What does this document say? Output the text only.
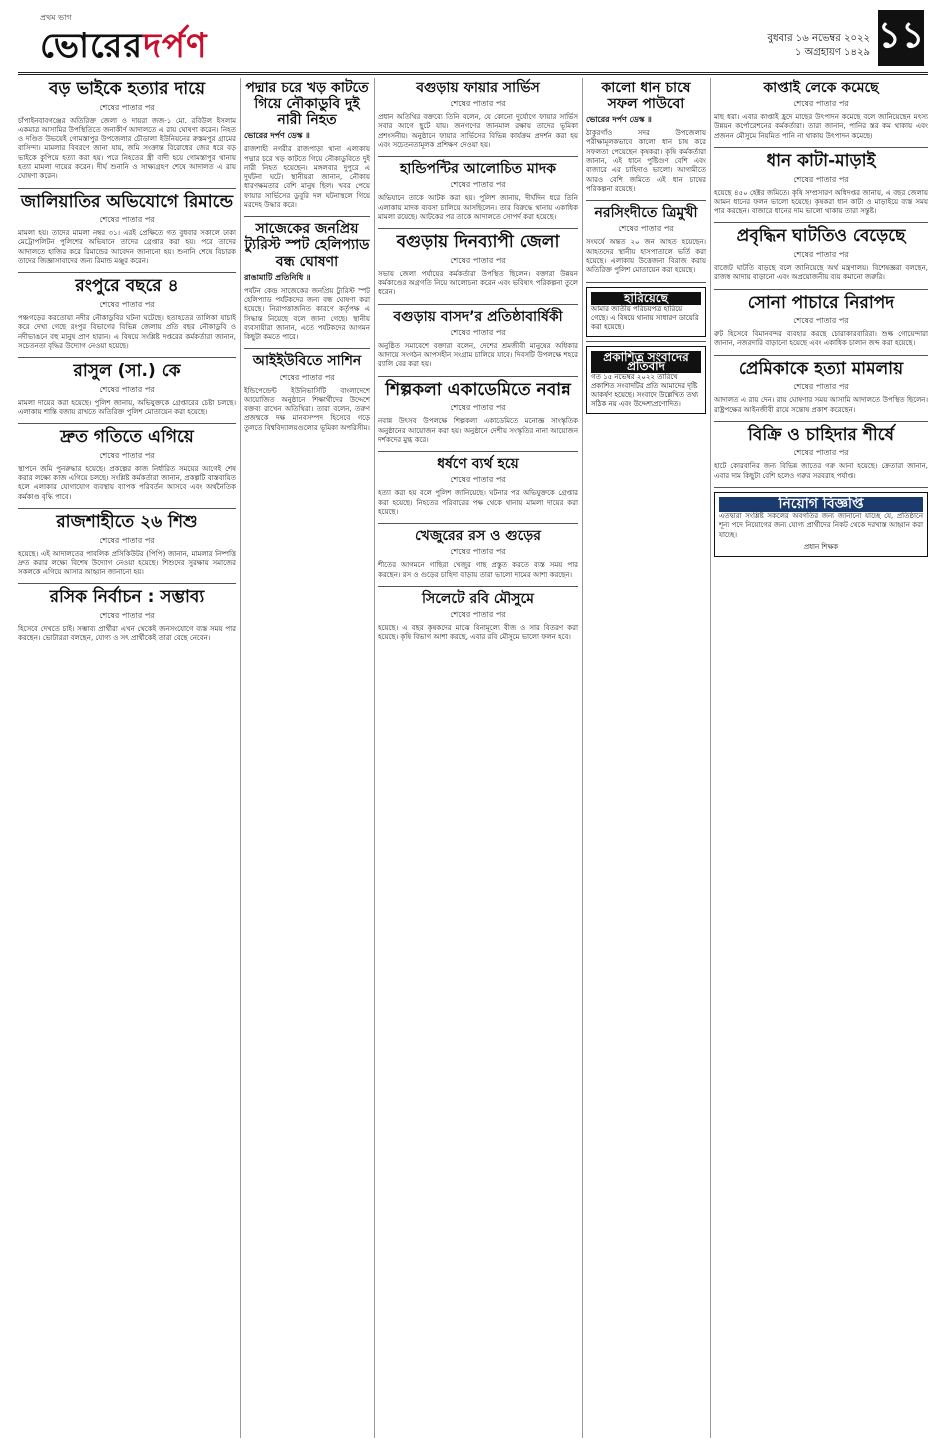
প্রথম ভাগ
ভোরেরদর্পণ	বুধবার ১৬ নভেম্বর ২০২২
১ অগ্রহায়ণ ১৪২৯ ১১
বড় ভাইকে হত্যার দায়ে
শেষের পাতার পর
চাঁপাইনবাবগঞ্জের অতিরিক্ত জেলা ও দায়রা জজ-১ মো. রবিউল ইসলাম একমাত্র আসামির উপস্থিতিতে জনাকীর্ণ আদালতে এ রায় ঘোষণা করেন। নিহত ও দণ্ডিত উভয়েই গোমস্তাপুর উপজেলার চৌডালা ইউনিয়নের রুস্তমপুর গ্রামের বাসিন্দা। মামলার বিবরণে জানা যায়, জমি সংক্রান্ত বিরোধের জের ধরে বড় ভাইকে কুপিয়ে হত্যা করা হয়। পরে নিহতের স্ত্রী বাদী হয়ে গোমস্তাপুর থানায় হত্যা মামলা দায়ের করেন। দীর্ঘ শুনানি ও সাক্ষ্যগ্রহণ শেষে আদালত এ রায় ঘোষণা করেন।
জালিয়াতির অভিযোগে রিমান্ডে
শেষের পাতার পর
মামলা হয়। তাদের মামলা নম্বর ৩১। এরই প্রেক্ষিতে গত বুধবার সকালে ঢাকা মেট্রোপলিটন পুলিশের অভিযানে তাদের গ্রেপ্তার করা হয়। পরে তাদের আদালতে হাজির করে রিমান্ডের আবেদন জানানো হয়। শুনানি শেষে বিচারক তাদের জিজ্ঞাসাবাদের জন্য রিমান্ড মঞ্জুর করেন।
রংপুরে বছরে ৪
শেষের পাতার পর
পঞ্চগড়ের করতোয়া নদীর নৌকাডুবির ঘটনা ঘটেছে। হতাহতের তালিকা যাচাই করে দেখা গেছে রংপুর বিভাগের বিভিন্ন জেলায় প্রতি বছর নৌকাডুবি ও নদীভাঙনে বহু মানুষ প্রাণ হারান। এ বিষয়ে সংশ্লিষ্ট দপ্তরের কর্মকর্তারা জানান, সচেতনতা বৃদ্ধির উদ্যোগ নেওয়া হয়েছে।
রাসুল (সা.) কে
শেষের পাতার পর
মামলা দায়ের করা হয়েছে। পুলিশ জানায়, অভিযুক্তকে গ্রেপ্তারের চেষ্টা চলছে। এলাকায় শান্তি বজায় রাখতে অতিরিক্ত পুলিশ মোতায়েন করা হয়েছে।
দ্রুত গতিতে এগিয়ে
শেষের পাতার পর
স্থাপনে জমি পুনরুদ্ধার হয়েছে। প্রকল্পের কাজ নির্ধারিত সময়ের আগেই শেষ করার লক্ষ্যে কাজ এগিয়ে চলছে। সংশ্লিষ্ট কর্মকর্তারা জানান, প্রকল্পটি বাস্তবায়িত হলে এলাকার যোগাযোগ ব্যবস্থায় ব্যাপক পরিবর্তন আসবে এবং অর্থনৈতিক কর্মকাণ্ড বৃদ্ধি পাবে।
রাজশাহীতে ২৬ শিশু
শেষের পাতার পর
হয়েছে। এই আদালতের পাবলিক প্রসিকিউটর (পিপি) জানান, মামলার নিষ্পত্তি দ্রুত করার লক্ষ্যে বিশেষ উদ্যোগ নেওয়া হয়েছে। শিশুদের সুরক্ষায় সমাজের সকলকে এগিয়ে আসার আহ্বান জানানো হয়।
রসিক নির্বাচন : সম্ভাব্য
শেষের পাতার পর
হিসেবে দেখতে চাই। সম্ভাব্য প্রার্থীরা এখন থেকেই জনসংযোগে ব্যস্ত সময় পার করছেন। ভোটাররা বলছেন, যোগ্য ও সৎ প্রার্থীকেই তারা বেছে নেবেন।
পদ্মার চরে খড় কাটতে গিয়ে নৌকাডুবি দুই নারী নিহত
ভোরের দর্পণ ডেস্ক ॥
রাজশাহী নগরীর রাজপাড়া থানা এলাকায় পদ্মার চরে খড় কাটতে গিয়ে নৌকাডুবিতে দুই নারী নিহত হয়েছেন। মঙ্গলবার দুপুরে এ দুর্ঘটনা ঘটে। স্থানীয়রা জানান, নৌকায় ধারণক্ষমতার বেশি মানুষ ছিল। খবর পেয়ে ফায়ার সার্ভিসের ডুবুরি দল ঘটনাস্থলে গিয়ে মরদেহ উদ্ধার করে।
সাজেকের জনপ্রিয় ট্যুরিস্ট স্পট হেলিপ্যাড বন্ধ ঘোষণা
রাঙামাটি প্রতিনিধি ॥
পর্যটন কেন্দ্র সাজেকের জনপ্রিয় ট্যুরিস্ট স্পট হেলিপ্যাড পর্যটকদের জন্য বন্ধ ঘোষণা করা হয়েছে। নিরাপত্তাজনিত কারণে কর্তৃপক্ষ এ সিদ্ধান্ত নিয়েছে বলে জানা গেছে। স্থানীয় ব্যবসায়ীরা জানান, এতে পর্যটকদের আগমন কিছুটা কমতে পারে।
আইইউবিতে সাশিন
শেষের পাতার পর
ইন্ডিপেন্ডেন্ট ইউনিভার্সিটি বাংলাদেশে আয়োজিত অনুষ্ঠানে শিক্ষার্থীদের উদ্দেশে বক্তব্য রাখেন অতিথিরা। তারা বলেন, তরুণ প্রজন্মকে দক্ষ মানবসম্পদ হিসেবে গড়ে তুলতে বিশ্ববিদ্যালয়গুলোর ভূমিকা অপরিসীম।
বগুড়ায় ফায়ার সার্ভিস
শেষের পাতার পর
প্রধান অতিথির বক্তব্যে তিনি বলেন, যে কোনো দুর্যোগে ফায়ার সার্ভিস সবার আগে ছুটে যায়। জনগণের জানমাল রক্ষায় তাদের ভূমিকা প্রশংসনীয়। অনুষ্ঠানে ফায়ার সার্ভিসের বিভিন্ন কার্যক্রম প্রদর্শন করা হয় এবং সচেতনতামূলক প্রশিক্ষণ দেওয়া হয়।
হান্ডিপন্টির আলোচিত মাদক
শেষের পাতার পর
অভিযানে তাকে আটক করা হয়। পুলিশ জানায়, দীর্ঘদিন ধরে তিনি এলাকায় মাদক ব্যবসা চালিয়ে আসছিলেন। তার বিরুদ্ধে থানায় একাধিক মামলা রয়েছে। আটকের পর তাকে আদালতে সোপর্দ করা হয়েছে।
বগুড়ায় দিনব্যাপী জেলা
শেষের পাতার পর
সভায় জেলা পর্যায়ের কর্মকর্তারা উপস্থিত ছিলেন। বক্তারা উন্নয়ন কর্মকাণ্ডের অগ্রগতি নিয়ে আলোচনা করেন এবং ভবিষ্যৎ পরিকল্পনা তুলে ধরেন।
বগুড়ায় বাসদ’র প্রতিষ্ঠাবার্ষিকী
শেষের পাতার পর
অনুষ্ঠিত সমাবেশে বক্তারা বলেন, দেশের শ্রমজীবী মানুষের অধিকার আদায়ে সংগঠন আপসহীন সংগ্রাম চালিয়ে যাবে। দিবসটি উপলক্ষে শহরে র‍্যালি বের করা হয়।
শিল্পকলা একাডেমিতে নবান্ন
শেষের পাতার পর
নবান্ন উৎসব উপলক্ষে শিল্পকলা একাডেমিতে মনোজ্ঞ সাংস্কৃতিক অনুষ্ঠানের আয়োজন করা হয়। অনুষ্ঠানে দেশীয় সংস্কৃতির নানা আয়োজন দর্শকদের মুগ্ধ করে।
ধর্ষণে ব্যর্থ হয়ে
শেষের পাতার পর
হত্যা করা হয় বলে পুলিশ জানিয়েছে। ঘটনার পর অভিযুক্তকে গ্রেপ্তার করা হয়েছে। নিহতের পরিবারের পক্ষ থেকে থানায় মামলা দায়ের করা হয়েছে।
খেজুরের রস ও গুড়ের
শেষের পাতার পর
শীতের আগমনে গাছিরা খেজুর গাছ প্রস্তুত করতে ব্যস্ত সময় পার করছেন। রস ও গুড়ের চাহিদা বাড়ায় তারা ভালো দামের আশা করছেন।
সিলেটে রবি মৌসুমে
শেষের পাতার পর
হয়েছে। এ বছর কৃষকদের মাঝে বিনামূল্যে বীজ ও সার বিতরণ করা হয়েছে। কৃষি বিভাগ আশা করছে, এবার রবি মৌসুমে ভালো ফলন হবে।
কালো ধান চাষে সফল পাউবো
ভোরের দর্পণ ডেস্ক ॥
ঠাকুরগাঁও সদর উপজেলায় পরীক্ষামূলকভাবে কালো ধান চাষ করে সফলতা পেয়েছেন কৃষকরা। কৃষি কর্মকর্তারা জানান, এই ধানে পুষ্টিগুণ বেশি এবং বাজারে এর চাহিদাও ভালো। আগামীতে আরও বেশি জমিতে এই ধান চাষের পরিকল্পনা রয়েছে।
নরসিংদীতে ত্রিমুখী
শেষের পাতার পর
সংঘর্ষে অন্তত ২০ জন আহত হয়েছেন। আহতদের স্থানীয় হাসপাতালে ভর্তি করা হয়েছে। এলাকায় উত্তেজনা বিরাজ করায় অতিরিক্ত পুলিশ মোতায়েন করা হয়েছে।
হারিয়েছে
আমার জাতীয় পরিচয়পত্র হারিয়ে গেছে। এ বিষয়ে থানায় সাধারণ ডায়েরি করা হয়েছে।
প্রকাশিত সংবাদের প্রতিবাদ
গত ১৫ নভেম্বর ২০২২ তারিখে প্রকাশিত সংবাদটির প্রতি আমাদের দৃষ্টি আকর্ষণ হয়েছে। সংবাদে উল্লেখিত তথ্য সঠিক নয় এবং উদ্দেশ্যপ্রণোদিত।
কাপ্তাই লেকে কমেছে
শেষের পাতার পর
মাছ ধরা। এবার কাপ্তাই হ্রদে মাছের উৎপাদন কমেছে বলে জানিয়েছেন মৎস্য উন্নয়ন কর্পোরেশনের কর্মকর্তারা। তারা জানান, পানির স্তর কম থাকায় এবং প্রজনন মৌসুমে নিয়মিত পানি না থাকায় উৎপাদন কমেছে।
ধান কাটা-মাড়াই
শেষের পাতার পর
হয়েছে ৪৫০ হেক্টর জমিতে। কৃষি সম্প্রসারণ অধিদপ্তর জানায়, এ বছর জেলায় আমন ধানের ফলন ভালো হয়েছে। কৃষকরা ধান কাটা ও মাড়াইয়ে ব্যস্ত সময় পার করছেন। বাজারে ধানের দাম ভালো থাকায় তারা সন্তুষ্ট।
প্রবৃদ্ধিন ঘাটতিও বেড়েছে
শেষের পাতার পর
বাজেট ঘাটতি বাড়ছে বলে জানিয়েছে অর্থ মন্ত্রণালয়। বিশেষজ্ঞরা বলছেন, রাজস্ব আদায় বাড়ানো এবং অপ্রয়োজনীয় ব্যয় কমানো জরুরি।
সোনা পাচারে নিরাপদ
শেষের পাতার পর
রুট হিসেবে বিমানবন্দর ব্যবহার করছে চোরাকারবারিরা। শুল্ক গোয়েন্দারা জানান, নজরদারি বাড়ানো হয়েছে এবং একাধিক চালান জব্দ করা হয়েছে।
প্রেমিকাকে হত্যা মামলায়
শেষের পাতার পর
আদালত এ রায় দেন। রায় ঘোষণার সময় আসামি আদালতে উপস্থিত ছিলেন। রাষ্ট্রপক্ষের আইনজীবী রায়ে সন্তোষ প্রকাশ করেছেন।
বিক্রি ও চাহিদার শীর্ষে
শেষের পাতার পর
হাটে কোরবানির জন্য বিভিন্ন জাতের গরু আনা হয়েছে। ক্রেতারা জানান, এবার দাম কিছুটা বেশি হলেও গরুর সরবরাহ পর্যাপ্ত।
নিয়োগ বিজ্ঞপ্তি
এতদ্বারা সংশ্লিষ্ট সকলের অবগতির জন্য জানানো যাচ্ছে যে, প্রতিষ্ঠানে শূন্য পদে নিয়োগের জন্য যোগ্য প্রার্থীদের নিকট থেকে দরখাস্ত আহ্বান করা যাচ্ছে।
প্রধান শিক্ষক
